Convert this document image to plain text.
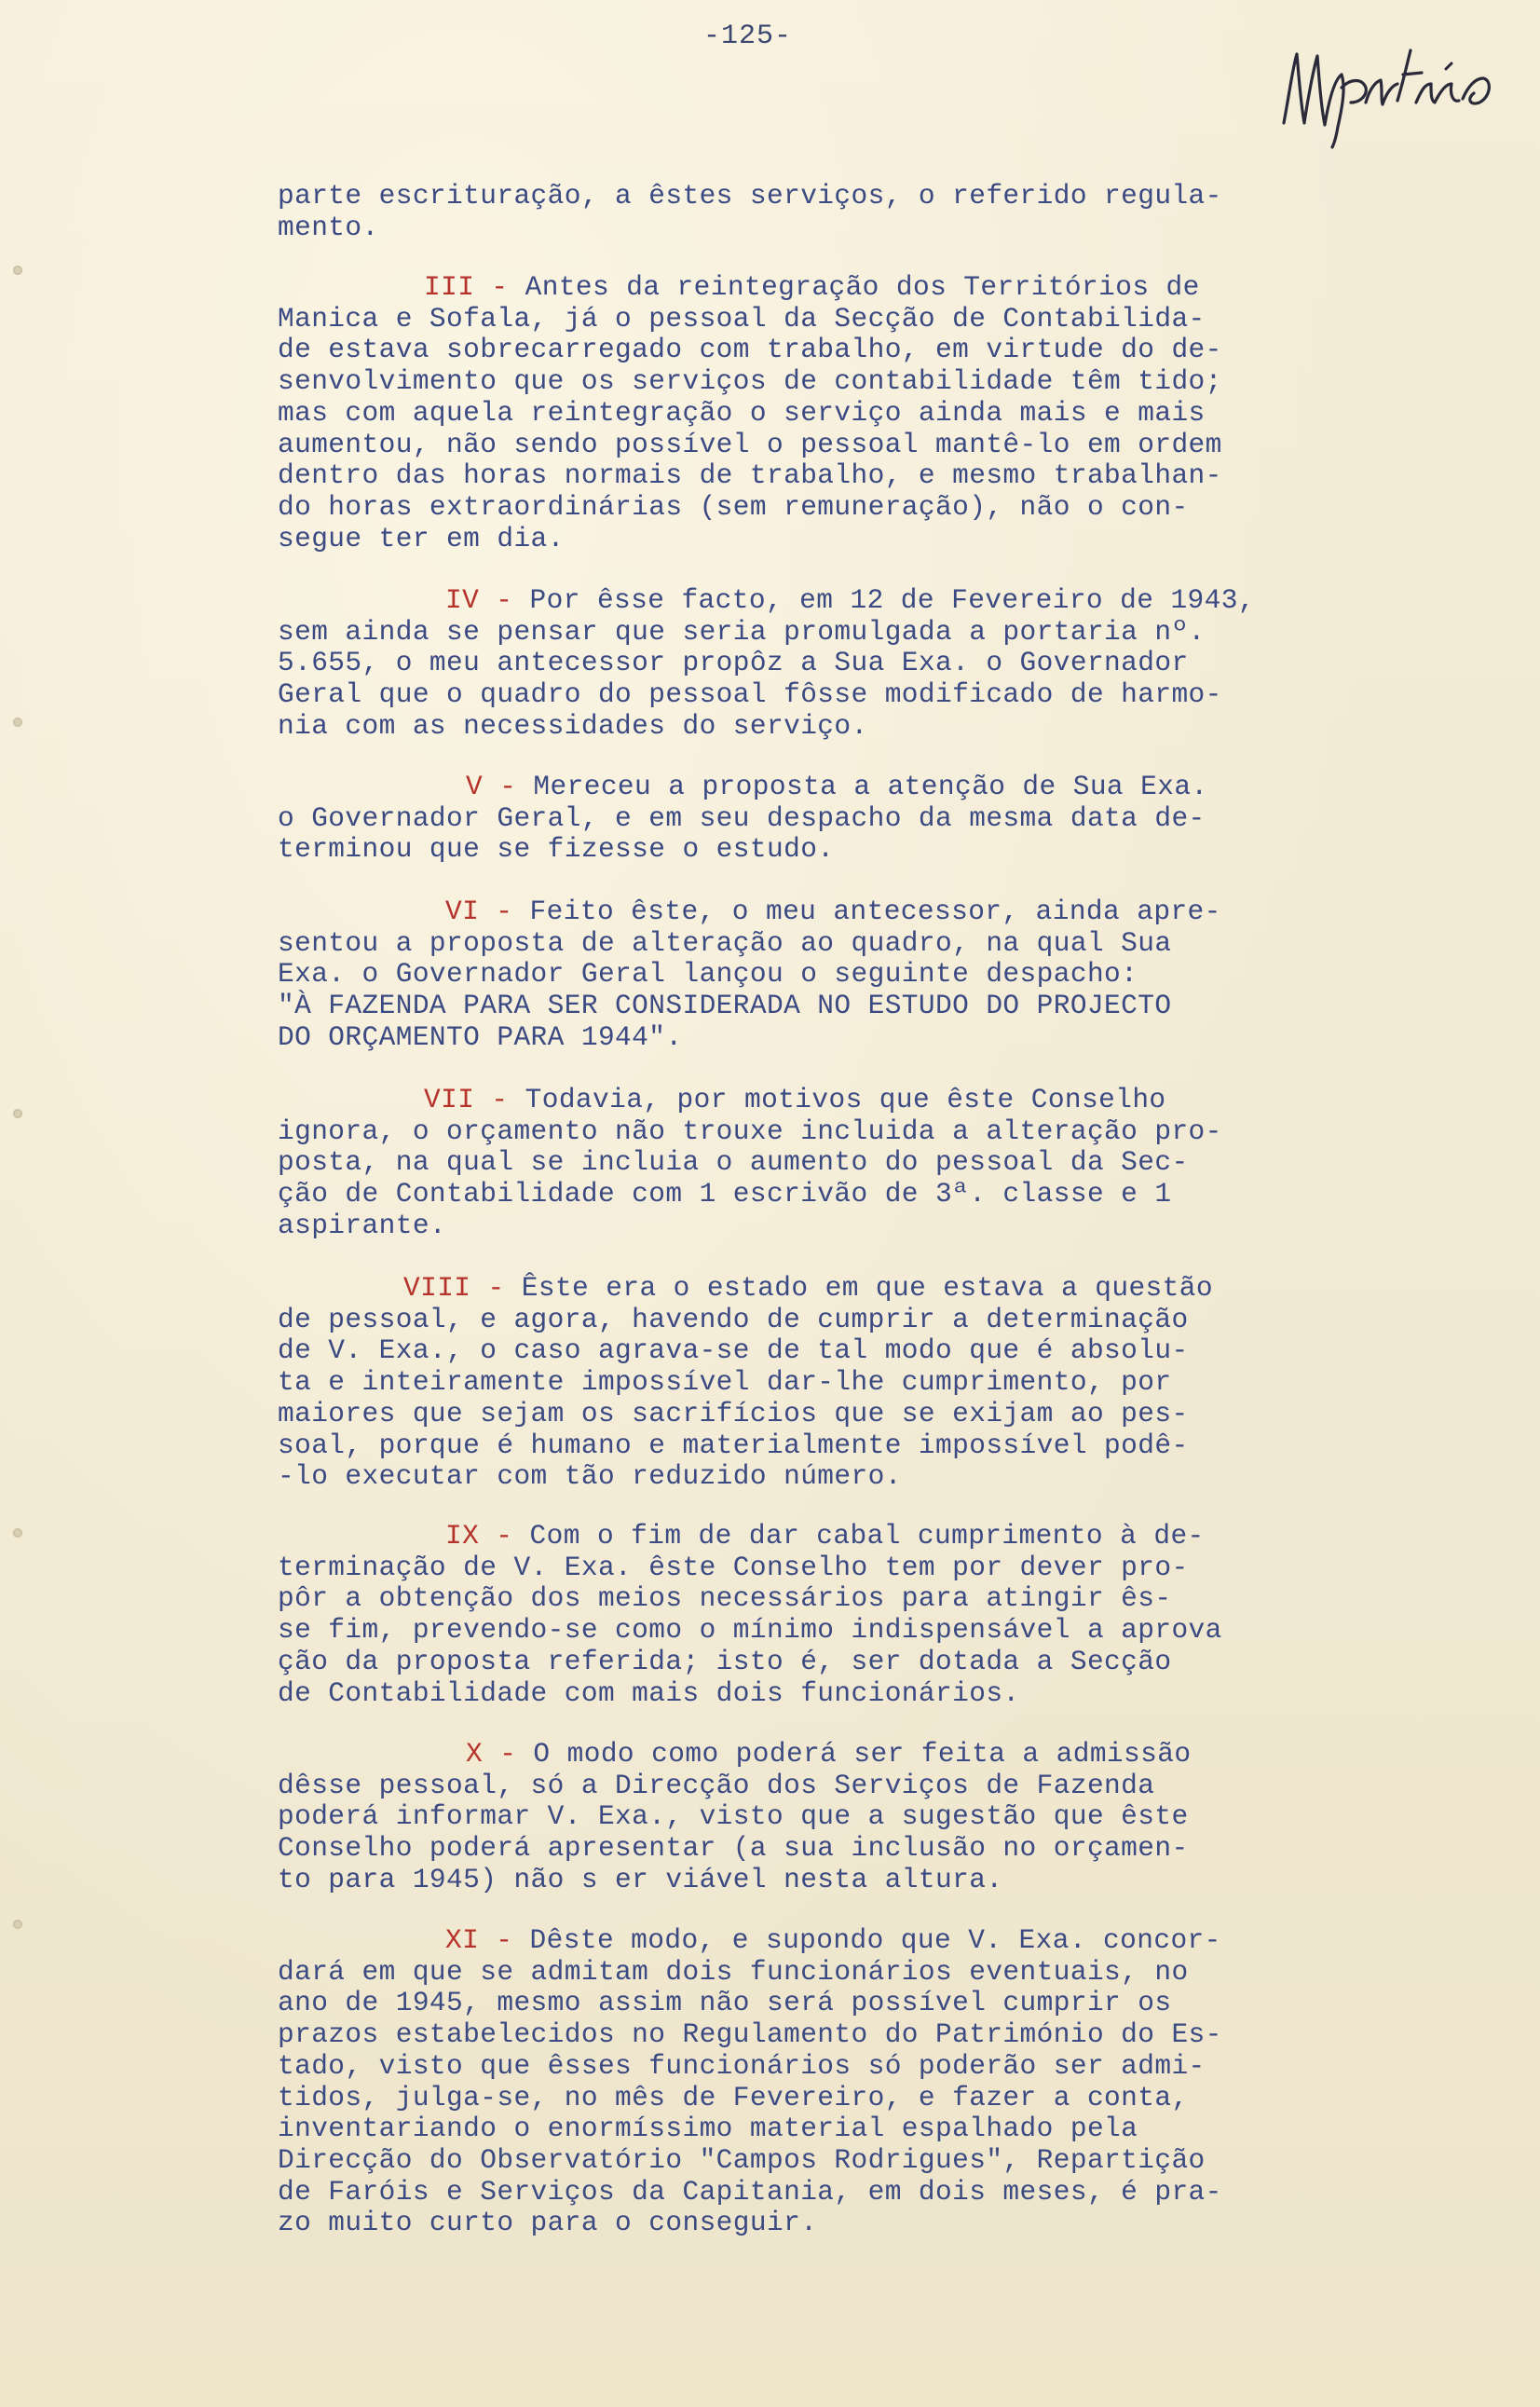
-125-
parte escrituração, a êstes serviços, o referido regula-
mento.
III - Antes da reintegração dos Territórios de
Manica e Sofala, já o pessoal da Secção de Contabilida-
de estava sobrecarregado com trabalho, em virtude do de-
senvolvimento que os serviços de contabilidade têm tido;
mas com aquela reintegração o serviço ainda mais e mais
aumentou, não sendo possível o pessoal mantê-lo em ordem
dentro das horas normais de trabalho, e mesmo trabalhan-
do horas extraordinárias (sem remuneração), não o con-
segue ter em dia.
IV - Por êsse facto, em 12 de Fevereiro de 1943,
sem ainda se pensar que seria promulgada a portaria nº.
5.655, o meu antecessor propôz a Sua Exa. o Governador
Geral que o quadro do pessoal fôsse modificado de harmo-
nia com as necessidades do serviço.
V - Mereceu a proposta a atenção de Sua Exa.
o Governador Geral, e em seu despacho da mesma data de-
terminou que se fizesse o estudo.
VI - Feito êste, o meu antecessor, ainda apre-
sentou a proposta de alteração ao quadro, na qual Sua
Exa. o Governador Geral lançou o seguinte despacho:
"À FAZENDA PARA SER CONSIDERADA NO ESTUDO DO PROJECTO
DO ORÇAMENTO PARA 1944".
VII - Todavia, por motivos que êste Conselho
ignora, o orçamento não trouxe incluida a alteração pro-
posta, na qual se incluia o aumento do pessoal da Sec-
ção de Contabilidade com 1 escrivão de 3ª. classe e 1
aspirante.
VIII - Êste era o estado em que estava a questão
de pessoal, e agora, havendo de cumprir a determinação
de V. Exa., o caso agrava-se de tal modo que é absolu-
ta e inteiramente impossível dar-lhe cumprimento, por
maiores que sejam os sacrifícios que se exijam ao pes-
soal, porque é humano e materialmente impossível podê-
-lo executar com tão reduzido número.
IX - Com o fim de dar cabal cumprimento à de-
terminação de V. Exa. êste Conselho tem por dever pro-
pôr a obtenção dos meios necessários para atingir ês-
se fim, prevendo-se como o mínimo indispensável a aprova
ção da proposta referida; isto é, ser dotada a Secção
de Contabilidade com mais dois funcionários.
X - O modo como poderá ser feita a admissão
dêsse pessoal, só a Direcção dos Serviços de Fazenda
poderá informar V. Exa., visto que a sugestão que êste
Conselho poderá apresentar (a sua inclusão no orçamen-
to para 1945) não s er viável nesta altura.
XI - Dêste modo, e supondo que V. Exa. concor-
dará em que se admitam dois funcionários eventuais, no
ano de 1945, mesmo assim não será possível cumprir os
prazos estabelecidos no Regulamento do Património do Es-
tado, visto que êsses funcionários só poderão ser admi-
tidos, julga-se, no mês de Fevereiro, e fazer a conta,
inventariando o enormíssimo material espalhado pela
Direcção do Observatório "Campos Rodrigues", Repartição
de Faróis e Serviços da Capitania, em dois meses, é pra-
zo muito curto para o conseguir.
